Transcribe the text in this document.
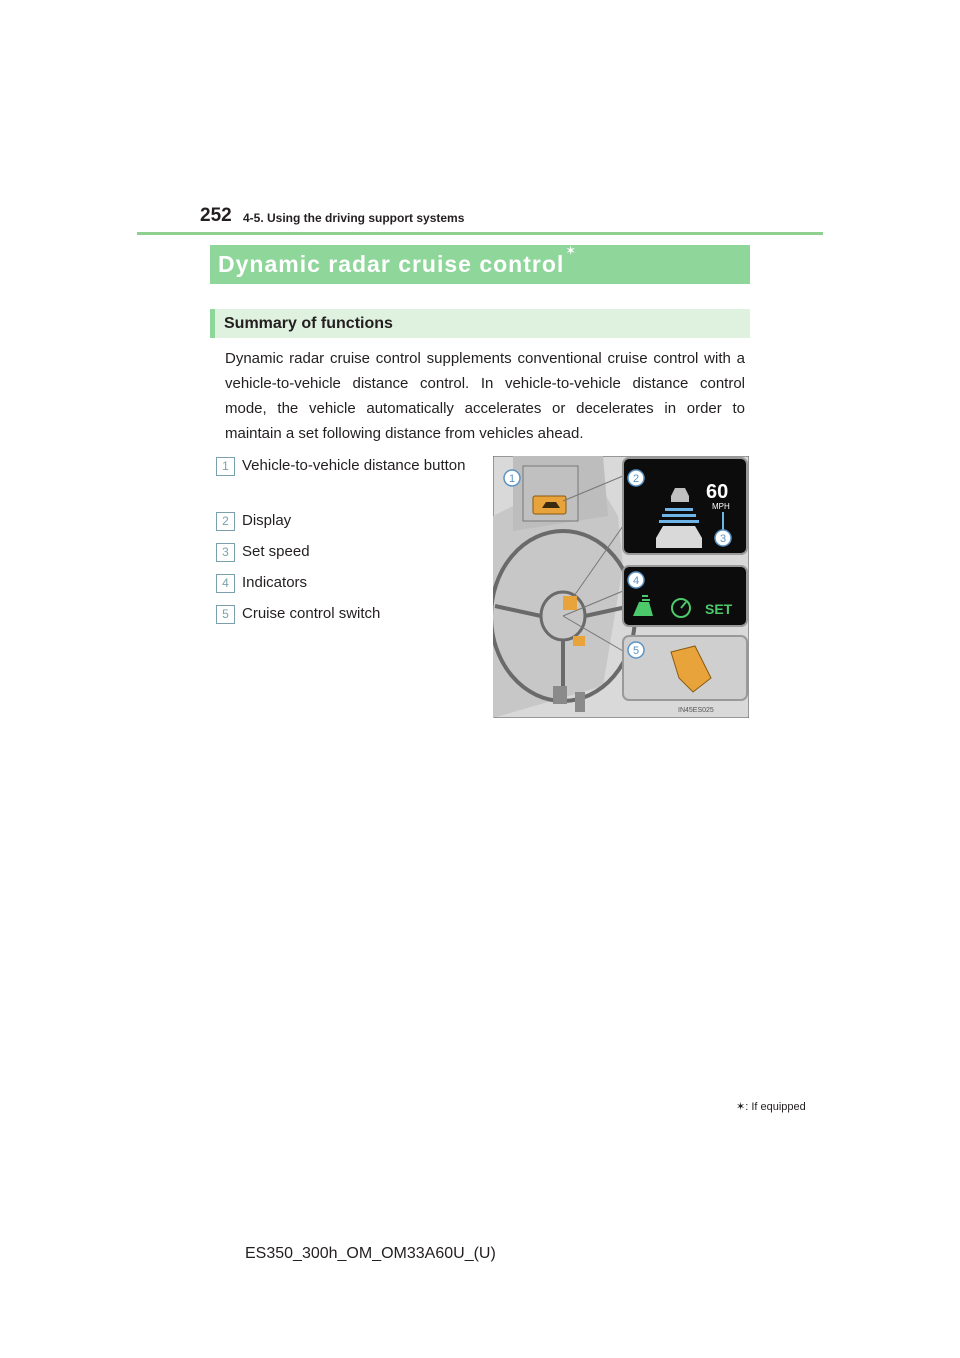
252 4-5. Using the driving support systems
Dynamic radar cruise control✶
Summary of functions

Dynamic radar cruise control supplements conventional cruise control with a vehicle-to-vehicle distance control. In vehicle-to-vehicle distance control mode, the vehicle automatically accelerates or decelerates in order to maintain a set following distance from vehicles ahead.

1 Vehicle-to-vehicle distance button
2 Display
3 Set speed
4 Indicators
5 Cruise control switch
60
MPH
SET
1	2
3
4
5
IN45ES025
✶: If equipped
ES350_300h_OM_OM33A60U_(U)
